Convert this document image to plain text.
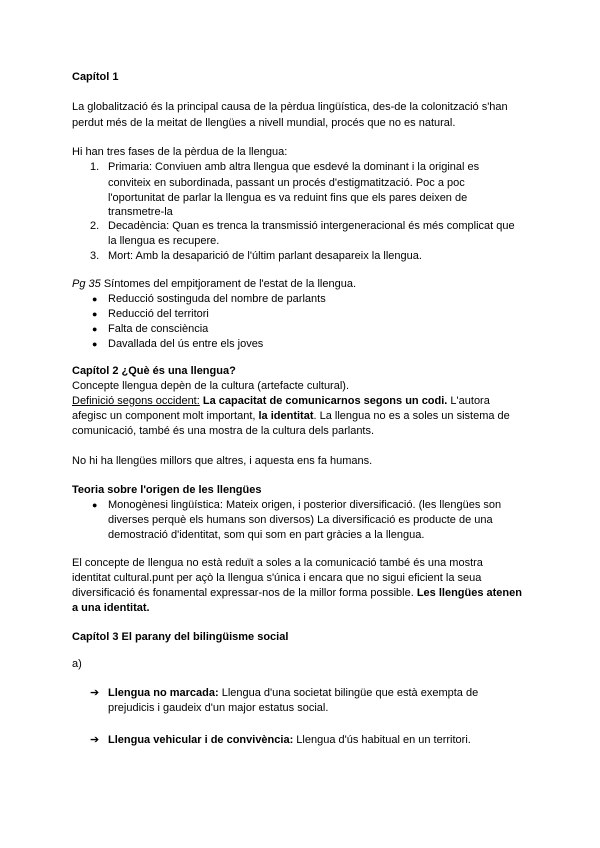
Capítol 1
La globalització és la principal causa de la pèrdua lingüística, des-de la colonització s'han
perdut més de la meitat de llengües a nivell mundial, procés que no es natural.
Hi han tres fases de la pèrdua de la llengua:
1. Primaria: Conviuen amb altra llengua que esdevé la dominant i la original es
conviteix en subordinada, passant un procés d'estigmatització. Poc a poc
l'oportunitat de parlar la llengua es va reduint fins que els pares deixen de
transmetre-la
2. Decadència: Quan es trenca la transmissió intergeneracional és més complicat que
la llengua es recupere.
3. Mort: Amb la desaparició de l'últim parlant desapareix la llengua.
Pg 35 Síntomes del empitjorament de l'estat de la llengua.
● Reducció sostinguda del nombre de parlants
● Reducció del territori
● Falta de consciència
● Davallada del ús entre els joves
Capítol 2 ¿Què és una llengua?
Concepte llengua depèn de la cultura (artefacte cultural).
Definició segons occident: La capacitat de comunicarnos segons un codi. L'autora
afegisc un component molt important, la identitat. La llengua no es a soles un sistema de
comunicació, també és una mostra de la cultura dels parlants.
No hi ha llengües millors que altres, i aquesta ens fa humans.
Teoria sobre l'origen de les llengües
● Monogènesi lingüística: Mateix origen, i posterior diversificació. (les llengües son
diverses perquè els humans son diversos) La diversificació es producte de una
demostració d'identitat, som qui som en part gràcies a la llengua.
El concepte de llengua no està reduït a soles a la comunicació també és una mostra
identitat cultural.punt per açò la llengua s'única i encara que no sigui eficient la seua
diversificació és fonamental expressar-nos de la millor forma possible. Les llengües atenen
a una identitat.
Capítol 3 El parany del bilingüisme social
a)
➔ Llengua no marcada: Llengua d'una societat bilingüe que està exempta de
prejudicis i gaudeix d'un major estatus social.
➔ Llengua vehicular i de convivència: Llengua d'ús habitual en un territori.
